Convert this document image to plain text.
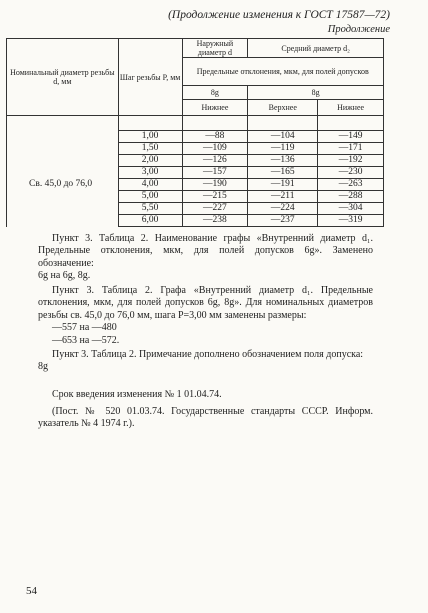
(Продолжение изменения к ГОСТ 17587—72)
Продолжение
Номинальный диаметр резьбы d, мм	Шаг резьбы P, мм	Наружный диаметр d	Средний диаметр d₂	
		Предельные отклонения, мкм, для полей допусков		
		8g	8g	
		Нижнее	Верхнее	Нижнее

	1,00	—88	—104	—149
	1,50	—109	—119	—171
	2,00	—126	—136	—192
	3,00	—157	—165	—230
Св. 45,0 до 76,0	4,00	—190	—191	—263
	5,00	—215	—211	—288
	5,50	—227	—224	—304
	6,00	—238	—237	—319

Пункт 3. Таблица 2. Наименование графы «Внутренний диаметр d₁. Предельные отклонения, мкм, для полей допусков 6g». Заменено обозначение:

6g на 6g, 8g.

Пункт 3. Таблица 2. Графа «Внутренний диаметр d₁. Предельные отклонения, мкм, для полей допусков 6g, 8g». Для номинальных диаметров резьбы св. 45,0 до 76,0 мм, шага P=3,00 мм заменены размеры:

—557 на —480

—653 на —572.

Пункт 3. Таблица 2. Примечание дополнено обозначением поля допуска:

8g

Срок введения изменения № 1 01.04.74.

(Пост. № 520 01.03.74. Государственные стандарты СССР. Информ. указатель № 4 1974 г.).

54
